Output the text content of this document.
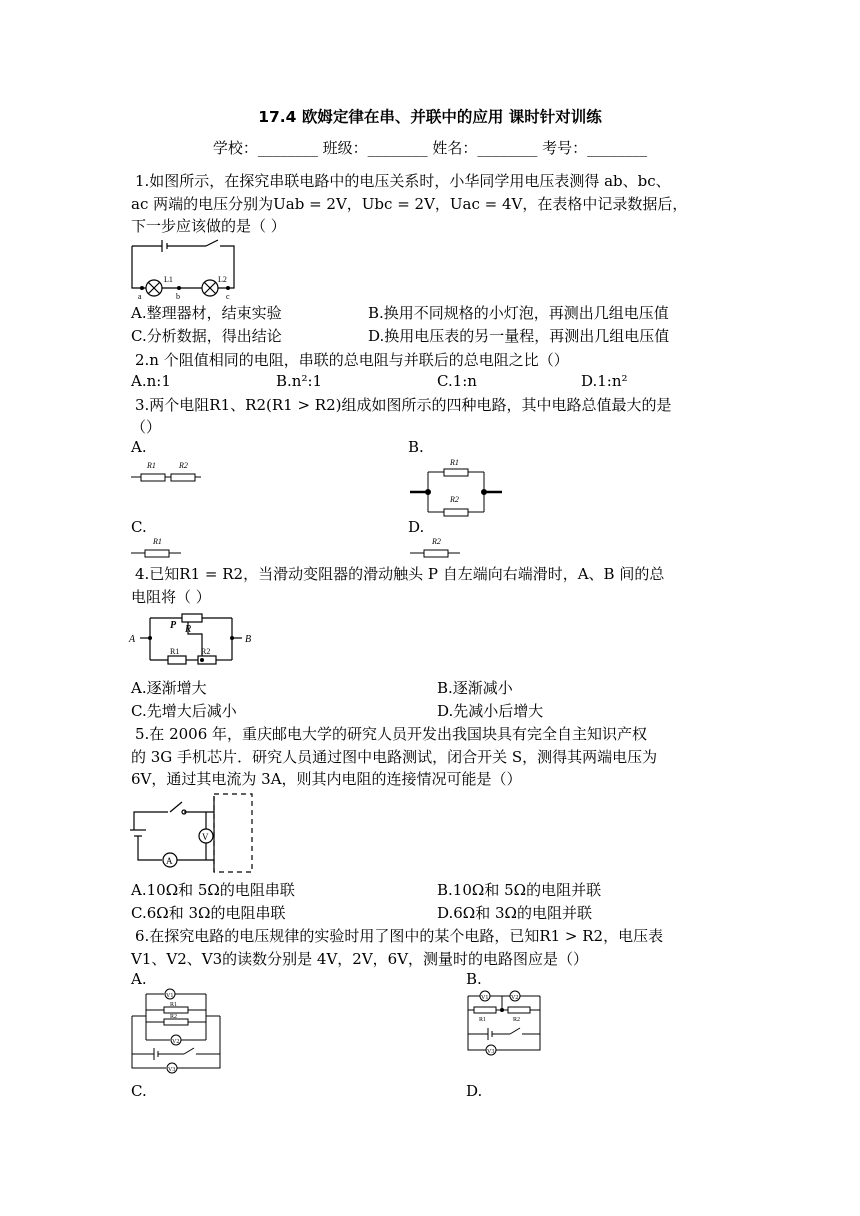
17.4 欧姆定律在串、并联中的应用 课时针对训练
学校：________ 班级：________ 姓名：________ 考号：________
1.如图所示，在探究串联电路中的电压关系时，小华同学用电压表测得 ab、bc、
ac 两端的电压分别为Uab = 2V，Ubc = 2V，Uac = 4V，在表格中记录数据后，
下一步应该做的是（ ）
L1	L2
a	b	c
A.整理器材，结束实验	B.换用不同规格的小灯泡，再测出几组电压值
C.分析数据，得出结论	D.换用电压表的另一量程，再测出几组电压值
2.n 个阻值相同的电阻，串联的总电阻与并联后的总电阻之比（）
A.n:1	B.n²:1	C.1:n	D.1:n²
3.两个电阻R1、R2(R1 > R2)组成如图所示的四种电路，其中电路总值最大的是
（）
A.	B.
R1	R2	R1
R2
C.	D.
R1	R2
4.已知R1 = R2，当滑动变阻器的滑动触头 P 自左端向右端滑时，A、B 间的总
电阻将（ ）
A	B
P R
R1	R2
A.逐渐增大	B.逐渐减小
C.先增大后减小	D.先减小后增大
5.在 2006 年，重庆邮电大学的研究人员开发出我国块具有完全自主知识产权
的 3G 手机芯片．研究人员通过图中电路测试，闭合开关 S，测得其两端电压为
6V，通过其电流为 3A，则其内电阻的连接情况可能是（）
V
A
A.10Ω和 5Ω的电阻串联	B.10Ω和 5Ω的电阻并联
C.6Ω和 3Ω的电阻串联	D.6Ω和 3Ω的电阻并联
6.在探究电路的电压规律的实验时用了图中的某个电路，已知R1 > R2，电压表
V1、V2、V3的读数分别是 4V，2V，6V，测量时的电路图应是（）
A.	B.
V1
R1
R2
V2
V3
V1	V2
R1	R2
V3
C.	D.
